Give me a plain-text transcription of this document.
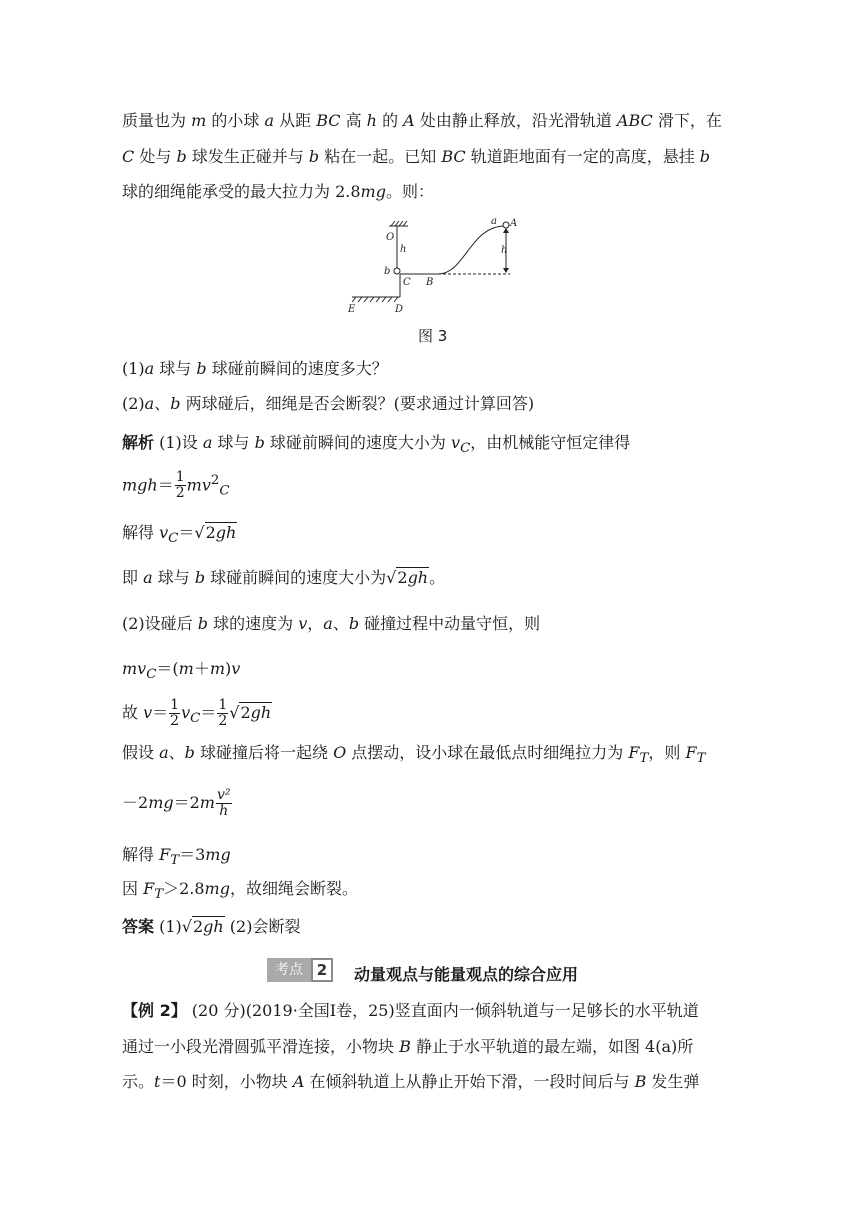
质量也为 m 的小球 a 从距 BC 高 h 的 A 处由静止释放，沿光滑轨道 ABC 滑下，在
C 处与 b 球发生正碰并与 b 粘在一起。已知 BC 轨道距地面有一定的高度，悬挂 b
球的细绳能承受的最大拉力为 2.8mg。则：
O
h
b
C B
E	D
a A
h
图 3
(1)a 球与 b 球碰前瞬间的速度多大？
(2)a、b 两球碰后，细绳是否会断裂？(要求通过计算回答)
解析 (1)设 a 球与 b 球碰前瞬间的速度大小为 $v_C$，由机械能守恒定律得
$mgh= \frac{1}{2} mv^2_C$
解得 $v_C=√2gh$
即 a 球与 b 球碰前瞬间的速度大小为√2gh。
(2)设碰后 b 球的速度为 v，a、b 碰撞过程中动量守恒，则
$mv_C=(m+m)v$
故 $v= \frac{1}{2} v_C= \frac{1}{2} √2gh$
假设 a、b 球碰撞后将一起绕 O 点摆动，设小球在最低点时细绳拉力为 $F_T$，则 $F_T$
$-2mg=2m \frac{\text{v²}}{h}$
解得 $F_T=3mg$
因 $F_T>2.8mg$，故细绳会断裂。
答案 (1)√2gh (2)会断裂
考点 2	动量观点与能量观点的综合应用
【例 2】 (20 分)(2019·全国Ⅰ卷，25)竖直面内一倾斜轨道与一足够长的水平轨道
通过一小段光滑圆弧平滑连接，小物块 B 静止于水平轨道的最左端，如图 4(a)所
示。t＝0 时刻，小物块 A 在倾斜轨道上从静止开始下滑，一段时间后与 B 发生弹
